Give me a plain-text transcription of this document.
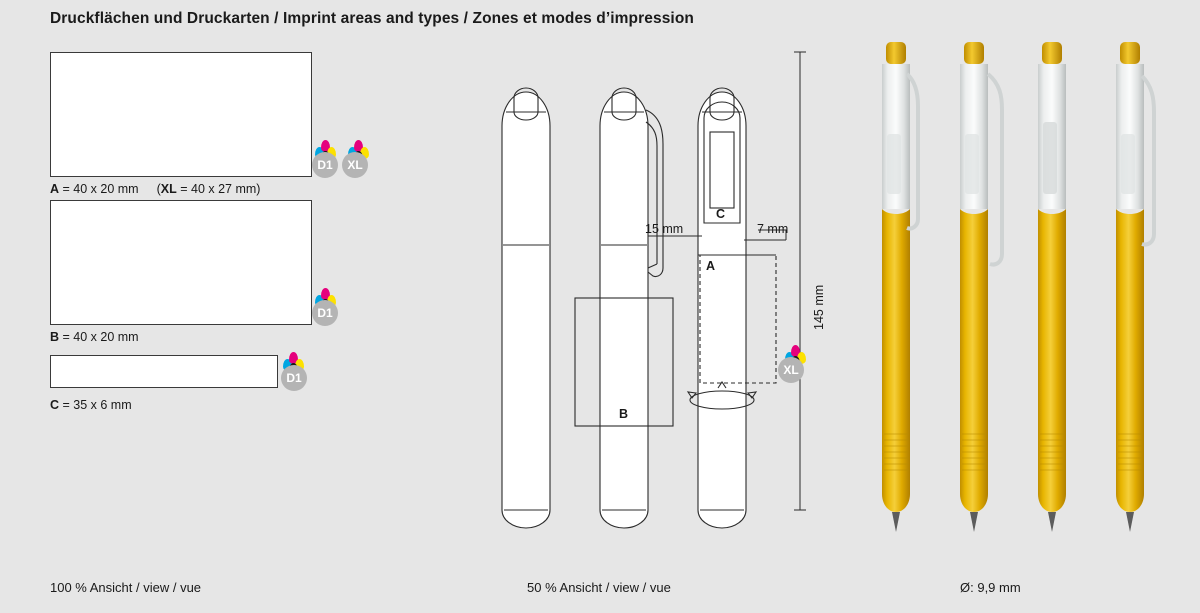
Druckflächen und Druckarten / Imprint areas and types / Zones et modes d’impression
D1	XL
A = 40 x 20 mm (XL = 40 x 27 mm)
D1
B = 40 x 20 mm
D1
C = 35 x 6 mm
B
C
A
15 mm	7 mm
145 mm
XL
100 % Ansicht / view / vue	50 % Ansicht / view / vue	Ø: 9,9 mm
